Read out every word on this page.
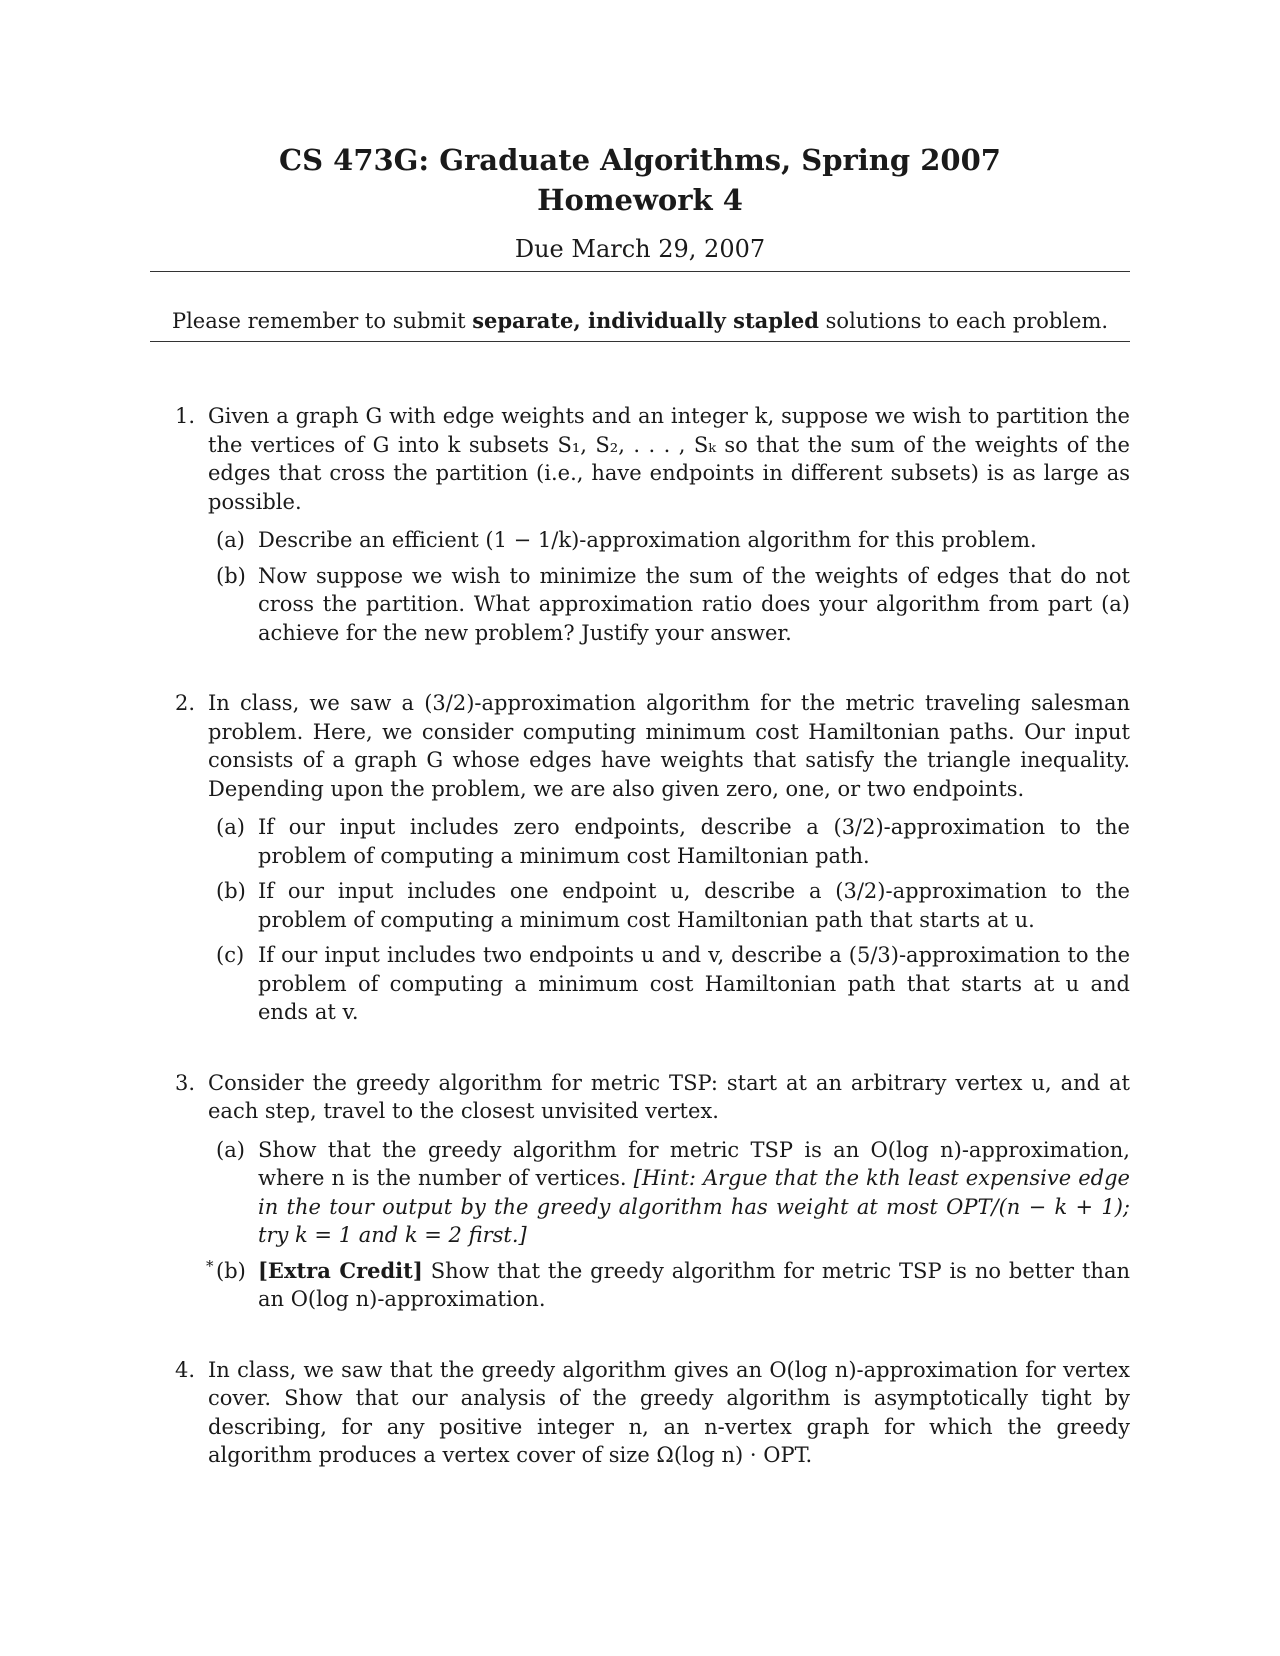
CS 473G: Graduate Algorithms, Spring 2007
Homework 4
Due March 29, 2007
Please remember to submit separate, individually stapled solutions to each problem.
1. Given a graph G with edge weights and an integer k, suppose we wish to partition the the vertices of G into k subsets S₁, S₂, . . . , Sₖ so that the sum of the weights of the edges that cross the partition (i.e., have endpoints in different subsets) is as large as possible.
(a) Describe an efficient (1 − 1/k)-approximation algorithm for this problem.
(b) Now suppose we wish to minimize the sum of the weights of edges that do not cross the partition. What approximation ratio does your algorithm from part (a) achieve for the new problem? Justify your answer.
2. In class, we saw a (3/2)-approximation algorithm for the metric traveling salesman problem. Here, we consider computing minimum cost Hamiltonian paths. Our input consists of a graph G whose edges have weights that satisfy the triangle inequality. Depending upon the problem, we are also given zero, one, or two endpoints.
(a) If our input includes zero endpoints, describe a (3/2)-approximation to the problem of computing a minimum cost Hamiltonian path.
(b) If our input includes one endpoint u, describe a (3/2)-approximation to the problem of computing a minimum cost Hamiltonian path that starts at u.
(c) If our input includes two endpoints u and v, describe a (5/3)-approximation to the problem of computing a minimum cost Hamiltonian path that starts at u and ends at v.
3. Consider the greedy algorithm for metric TSP: start at an arbitrary vertex u, and at each step, travel to the closest unvisited vertex.
(a) Show that the greedy algorithm for metric TSP is an O(log n)-approximation, where n is the number of vertices. [Hint: Argue that the kth least expensive edge in the tour output by the greedy algorithm has weight at most OPT/(n − k + 1); try k = 1 and k = 2 first.]
* (b) [Extra Credit] Show that the greedy algorithm for metric TSP is no better than an O(log n)-approximation.
4. In class, we saw that the greedy algorithm gives an O(log n)-approximation for vertex cover. Show that our analysis of the greedy algorithm is asymptotically tight by describing, for any positive integer n, an n-vertex graph for which the greedy algorithm produces a vertex cover of size Ω(log n) · OPT.
